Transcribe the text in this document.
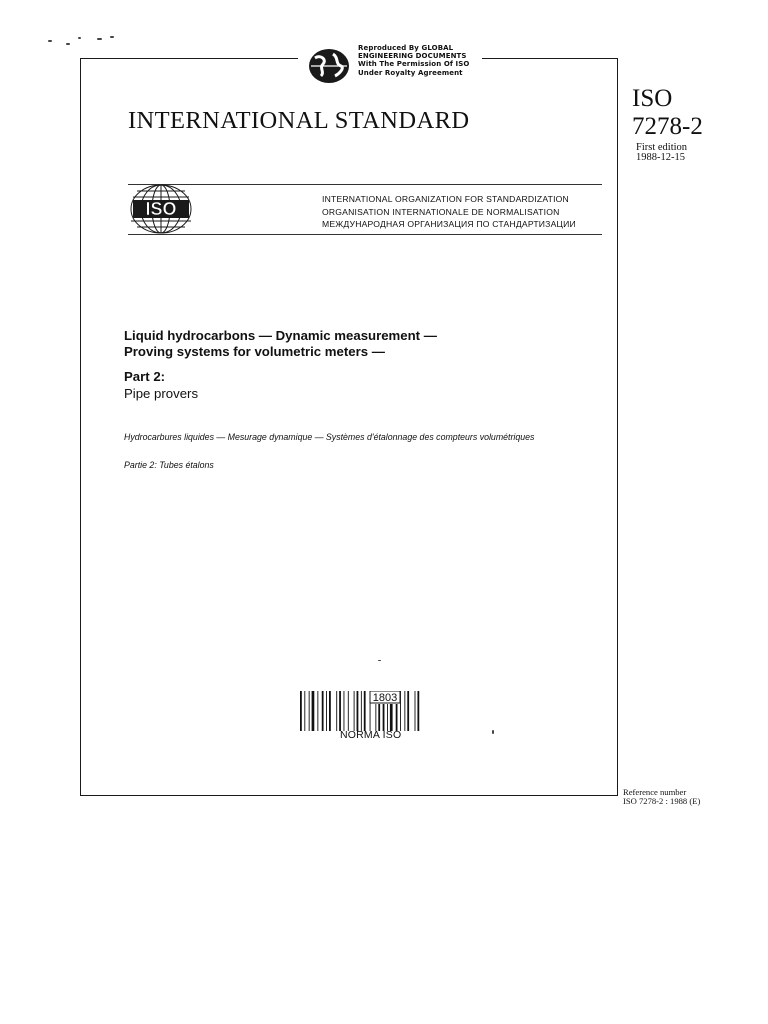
Reproduced By GLOBAL
ENGINEERING DOCUMENTS
With The Permission Of ISO
Under Royalty Agreement
INTERNATIONAL STANDARD
ISO
7278-2
First edition
1988-12-15
ISO	INTERNATIONAL ORGANIZATION FOR STANDARDIZATION
ORGANISATION INTERNATIONALE DE NORMALISATION
МЕЖДУНАРОДНАЯ ОРГАНИЗАЦИЯ ПО СТАНДАРТИЗАЦИИ
Liquid hydrocarbons — Dynamic measurement —
Proving systems for volumetric meters —
Part 2:
Pipe provers
Hydrocarbures liquides — Mesurage dynamique — Systèmes d'étalonnage des compteurs volumétriques
Partie 2: Tubes étalons
1803
NORMA ISO
Reference number
ISO 7278-2 : 1988 (E)
